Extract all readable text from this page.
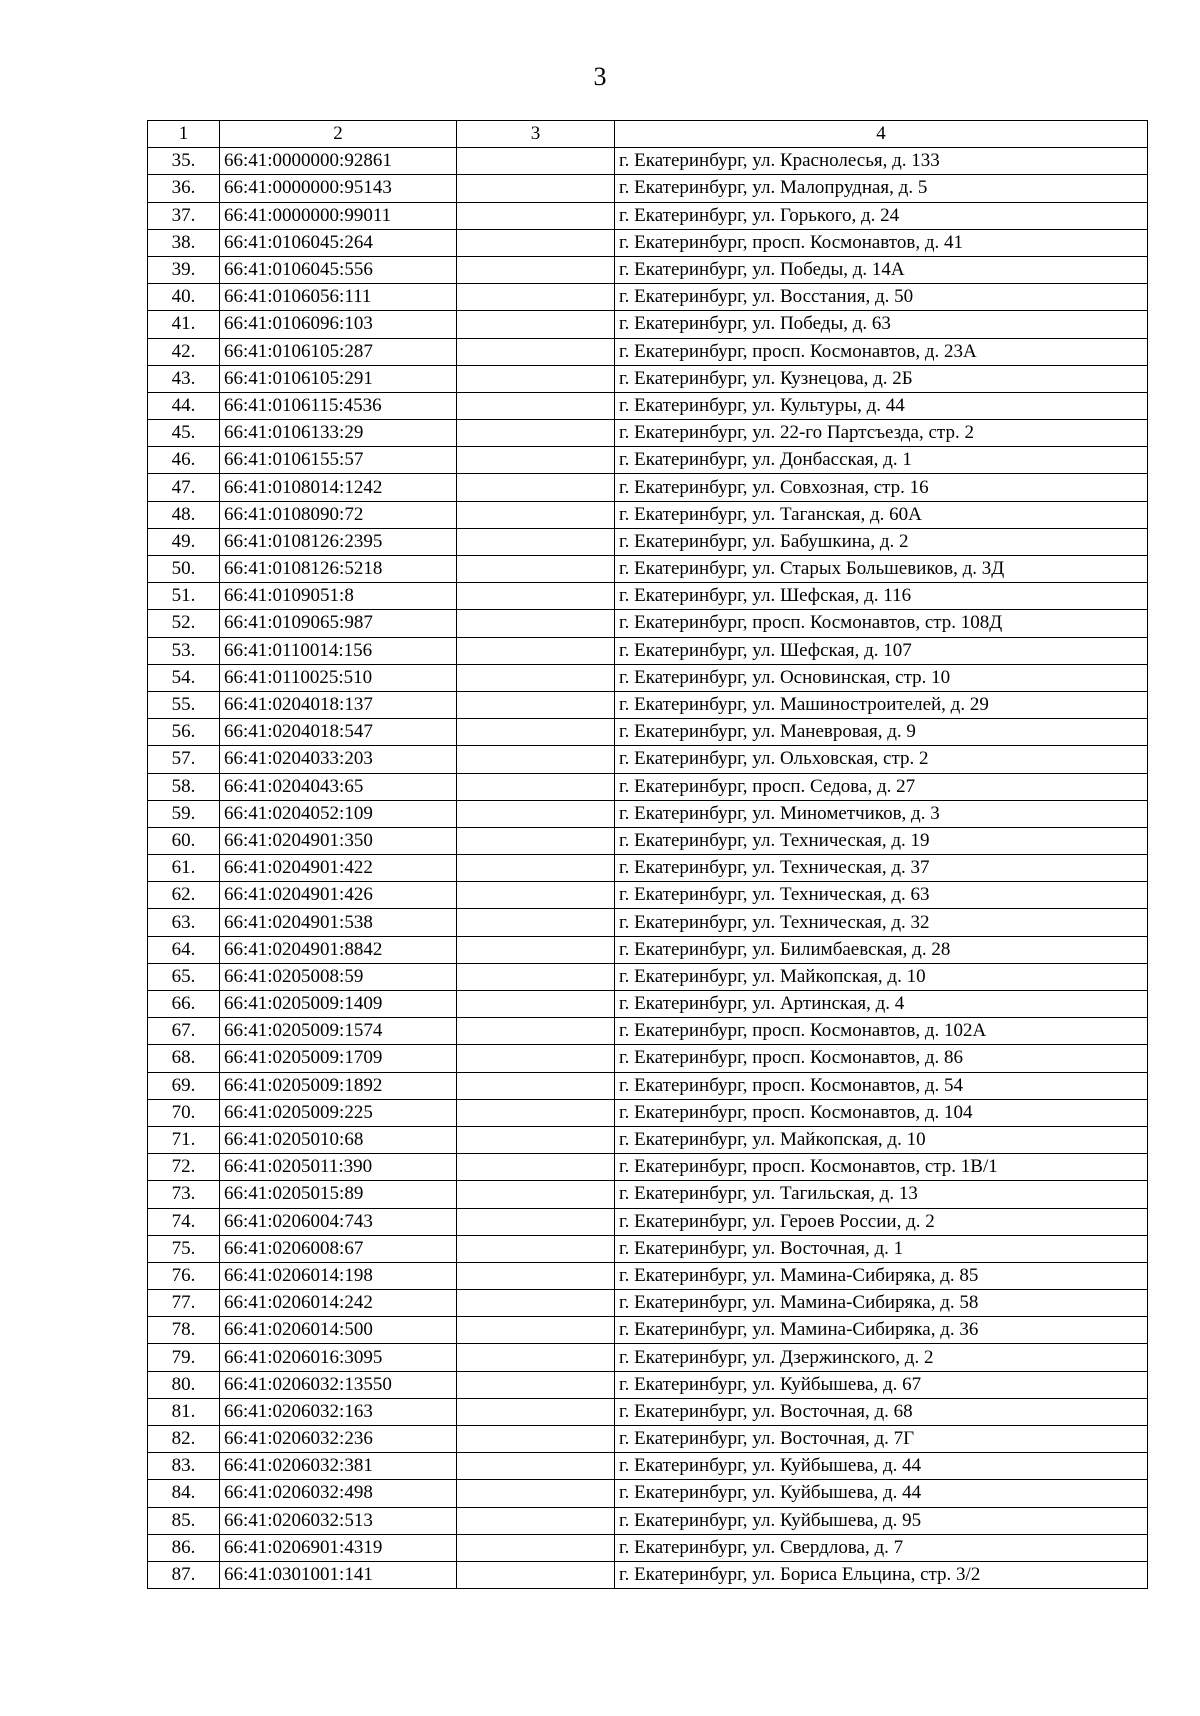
3
1	2	3	4
35.	66:41:0000000:92861		г. Екатеринбург, ул. Краснолесья, д. 133
36.	66:41:0000000:95143		г. Екатеринбург, ул. Малопрудная, д. 5
37.	66:41:0000000:99011		г. Екатеринбург, ул. Горького, д. 24
38.	66:41:0106045:264		г. Екатеринбург, просп. Космонавтов, д. 41
39.	66:41:0106045:556		г. Екатеринбург, ул. Победы, д. 14А
40.	66:41:0106056:111		г. Екатеринбург, ул. Восстания, д. 50
41.	66:41:0106096:103		г. Екатеринбург, ул. Победы, д. 63
42.	66:41:0106105:287		г. Екатеринбург, просп. Космонавтов, д. 23А
43.	66:41:0106105:291		г. Екатеринбург, ул. Кузнецова, д. 2Б
44.	66:41:0106115:4536		г. Екатеринбург, ул. Культуры, д. 44
45.	66:41:0106133:29		г. Екатеринбург, ул. 22-го Партсъезда, стр. 2
46.	66:41:0106155:57		г. Екатеринбург, ул. Донбасская, д. 1
47.	66:41:0108014:1242		г. Екатеринбург, ул. Совхозная, стр. 16
48.	66:41:0108090:72		г. Екатеринбург, ул. Таганская, д. 60А
49.	66:41:0108126:2395		г. Екатеринбург, ул. Бабушкина, д. 2
50.	66:41:0108126:5218		г. Екатеринбург, ул. Старых Большевиков, д. 3Д
51.	66:41:0109051:8		г. Екатеринбург, ул. Шефская, д. 116
52.	66:41:0109065:987		г. Екатеринбург, просп. Космонавтов, стр. 108Д
53.	66:41:0110014:156		г. Екатеринбург, ул. Шефская, д. 107
54.	66:41:0110025:510		г. Екатеринбург, ул. Основинская, стр. 10
55.	66:41:0204018:137		г. Екатеринбург, ул. Машиностроителей, д. 29
56.	66:41:0204018:547		г. Екатеринбург, ул. Маневровая, д. 9
57.	66:41:0204033:203		г. Екатеринбург, ул. Ольховская, стр. 2
58.	66:41:0204043:65		г. Екатеринбург, просп. Седова, д. 27
59.	66:41:0204052:109		г. Екатеринбург, ул. Минометчиков, д. 3
60.	66:41:0204901:350		г. Екатеринбург, ул. Техническая, д. 19
61.	66:41:0204901:422		г. Екатеринбург, ул. Техническая, д. 37
62.	66:41:0204901:426		г. Екатеринбург, ул. Техническая, д. 63
63.	66:41:0204901:538		г. Екатеринбург, ул. Техническая, д. 32
64.	66:41:0204901:8842		г. Екатеринбург, ул. Билимбаевская, д. 28
65.	66:41:0205008:59		г. Екатеринбург, ул. Майкопская, д. 10
66.	66:41:0205009:1409		г. Екатеринбург, ул. Артинская, д. 4
67.	66:41:0205009:1574		г. Екатеринбург, просп. Космонавтов, д. 102А
68.	66:41:0205009:1709		г. Екатеринбург, просп. Космонавтов, д. 86
69.	66:41:0205009:1892		г. Екатеринбург, просп. Космонавтов, д. 54
70.	66:41:0205009:225		г. Екатеринбург, просп. Космонавтов, д. 104
71.	66:41:0205010:68		г. Екатеринбург, ул. Майкопская, д. 10
72.	66:41:0205011:390		г. Екатеринбург, просп. Космонавтов, стр. 1В/1
73.	66:41:0205015:89		г. Екатеринбург, ул. Тагильская, д. 13
74.	66:41:0206004:743		г. Екатеринбург, ул. Героев России, д. 2
75.	66:41:0206008:67		г. Екатеринбург, ул. Восточная, д. 1
76.	66:41:0206014:198		г. Екатеринбург, ул. Мамина-Сибиряка, д. 85
77.	66:41:0206014:242		г. Екатеринбург, ул. Мамина-Сибиряка, д. 58
78.	66:41:0206014:500		г. Екатеринбург, ул. Мамина-Сибиряка, д. 36
79.	66:41:0206016:3095		г. Екатеринбург, ул. Дзержинского, д. 2
80.	66:41:0206032:13550		г. Екатеринбург, ул. Куйбышева, д. 67
81.	66:41:0206032:163		г. Екатеринбург, ул. Восточная, д. 68
82.	66:41:0206032:236		г. Екатеринбург, ул. Восточная, д. 7Г
83.	66:41:0206032:381		г. Екатеринбург, ул. Куйбышева, д. 44
84.	66:41:0206032:498		г. Екатеринбург, ул. Куйбышева, д. 44
85.	66:41:0206032:513		г. Екатеринбург, ул. Куйбышева, д. 95
86.	66:41:0206901:4319		г. Екатеринбург, ул. Свердлова, д. 7
87.	66:41:0301001:141		г. Екатеринбург, ул. Бориса Ельцина, стр. 3/2
